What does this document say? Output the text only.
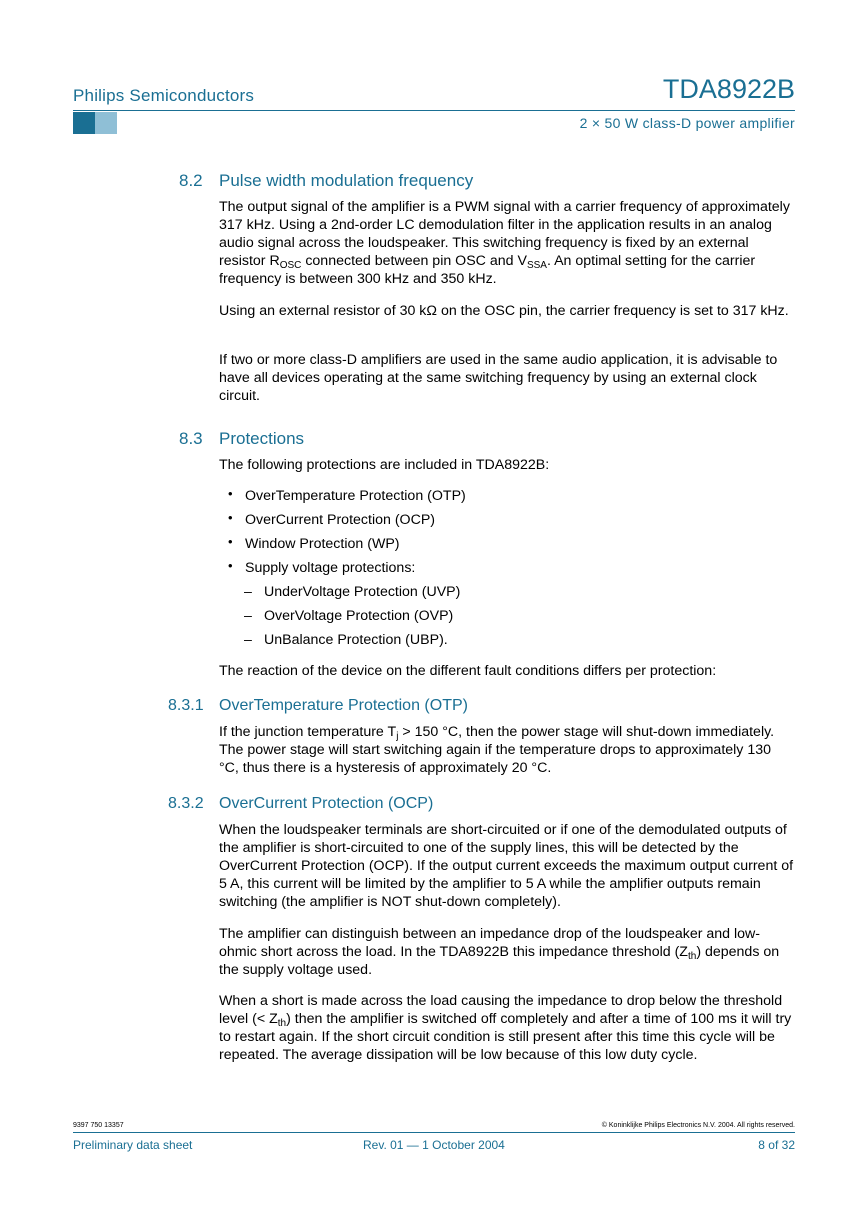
Philips Semiconductors	TDA8922B
2 × 50 W class-D power amplifier
8.2 Pulse width modulation frequency
The output signal of the amplifier is a PWM signal with a carrier frequency of approximately 317 kHz. Using a 2nd-order LC demodulation filter in the application results in an analog audio signal across the loudspeaker. This switching frequency is fixed by an external resistor $R_{OSC}$ connected between pin OSC and $V_{SSA}$. An optimal setting for the carrier frequency is between 300 kHz and 350 kHz.
Using an external resistor of 30 kΩ on the OSC pin, the carrier frequency is set to 317 kHz.
If two or more class-D amplifiers are used in the same audio application, it is advisable to have all devices operating at the same switching frequency by using an external clock circuit.
8.3 Protections
The following protections are included in TDA8922B:
• OverTemperature Protection (OTP)
• OverCurrent Protection (OCP)
• Window Protection (WP)
• Supply voltage protections:
– UnderVoltage Protection (UVP)
– OverVoltage Protection (OVP)
– UnBalance Protection (UBP).
The reaction of the device on the different fault conditions differs per protection:
8.3.1 OverTemperature Protection (OTP)
If the junction temperature $T_j > 150$ °C, then the power stage will shut-down immediately. The power stage will start switching again if the temperature drops to approximately 130 °C, thus there is a hysteresis of approximately 20 °C.
8.3.2 OverCurrent Protection (OCP)
When the loudspeaker terminals are short-circuited or if one of the demodulated outputs of the amplifier is short-circuited to one of the supply lines, this will be detected by the OverCurrent Protection (OCP). If the output current exceeds the maximum output current of 5 A, this current will be limited by the amplifier to 5 A while the amplifier outputs remain switching (the amplifier is NOT shut-down completely).
The amplifier can distinguish between an impedance drop of the loudspeaker and low-ohmic short across the load. In the TDA8922B this impedance threshold $(Z_{th})$ depends on the supply voltage used.
When a short is made across the load causing the impedance to drop below the threshold level (< $Z_{th}$) then the amplifier is switched off completely and after a time of 100 ms it will try to restart again. If the short circuit condition is still present after this time this cycle will be repeated. The average dissipation will be low because of this low duty cycle.
9397 750 13357	© Koninklijke Philips Electronics N.V. 2004. All rights reserved.
Preliminary data sheet	Rev. 01 — 1 October 2004	8 of 32
